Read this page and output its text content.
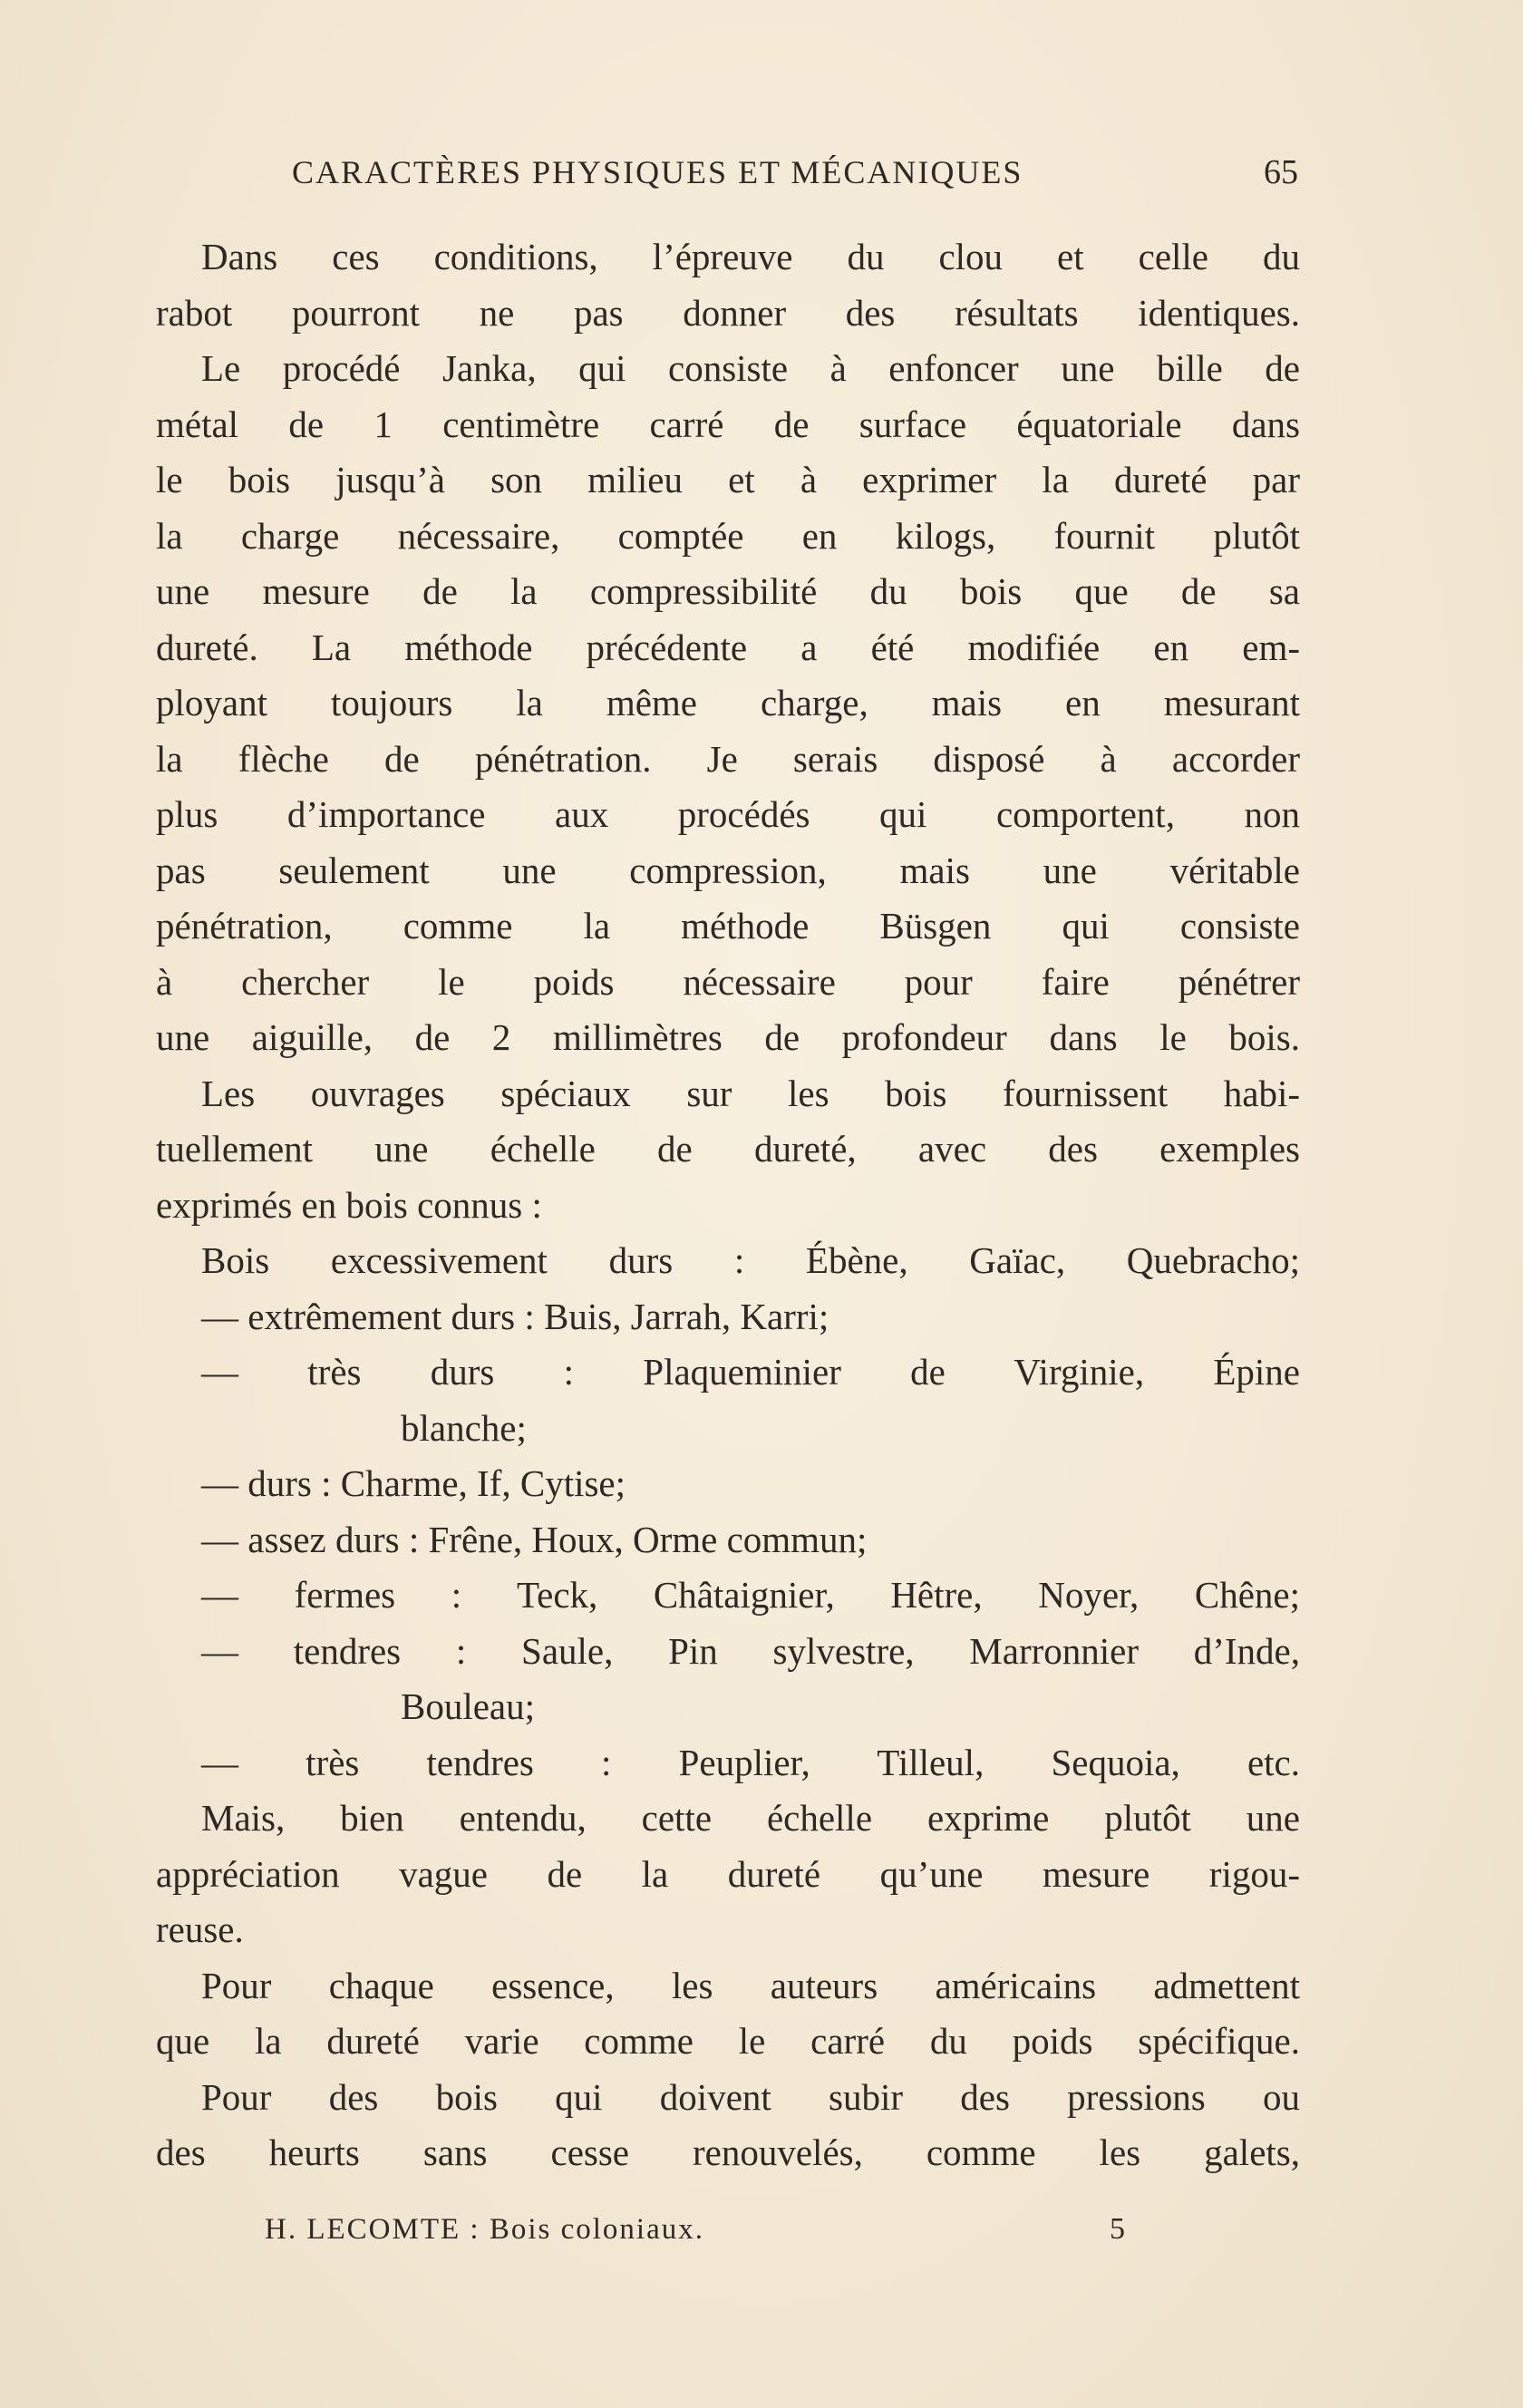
CARACTÈRES PHYSIQUES ET MÉCANIQUES	65
Dans ces conditions, l’épreuve du clou et celle du
rabot pourront ne pas donner des résultats identiques.
Le procédé Janka, qui consiste à enfoncer une bille de
métal de 1 centimètre carré de surface équatoriale dans
le bois jusqu’à son milieu et à exprimer la dureté par
la charge nécessaire, comptée en kilogs, fournit plutôt
une mesure de la compressibilité du bois que de sa
dureté. La méthode précédente a été modifiée en em-
ployant toujours la même charge, mais en mesurant
la flèche de pénétration. Je serais disposé à accorder
plus d’importance aux procédés qui comportent, non
pas seulement une compression, mais une véritable
pénétration, comme la méthode Büsgen qui consiste
à chercher le poids nécessaire pour faire pénétrer
une aiguille, de 2 millimètres de profondeur dans le bois.
Les ouvrages spéciaux sur les bois fournissent habi-
tuellement une échelle de dureté, avec des exemples
exprimés en bois connus :
Bois excessivement durs : Ébène, Gaïac, Quebracho;
— extrêmement durs : Buis, Jarrah, Karri;
— très durs : Plaqueminier de Virginie, Épine
blanche;
— durs : Charme, If, Cytise;
— assez durs : Frêne, Houx, Orme commun;
— fermes : Teck, Châtaignier, Hêtre, Noyer, Chêne;
— tendres : Saule, Pin sylvestre, Marronnier d’Inde,
Bouleau;
— très tendres : Peuplier, Tilleul, Sequoia, etc.
Mais, bien entendu, cette échelle exprime plutôt une
appréciation vague de la dureté qu’une mesure rigou-
reuse.
Pour chaque essence, les auteurs américains admettent
que la dureté varie comme le carré du poids spécifique.
Pour des bois qui doivent subir des pressions ou
des heurts sans cesse renouvelés, comme les galets,
H. LECOMTE : Bois coloniaux.	5
